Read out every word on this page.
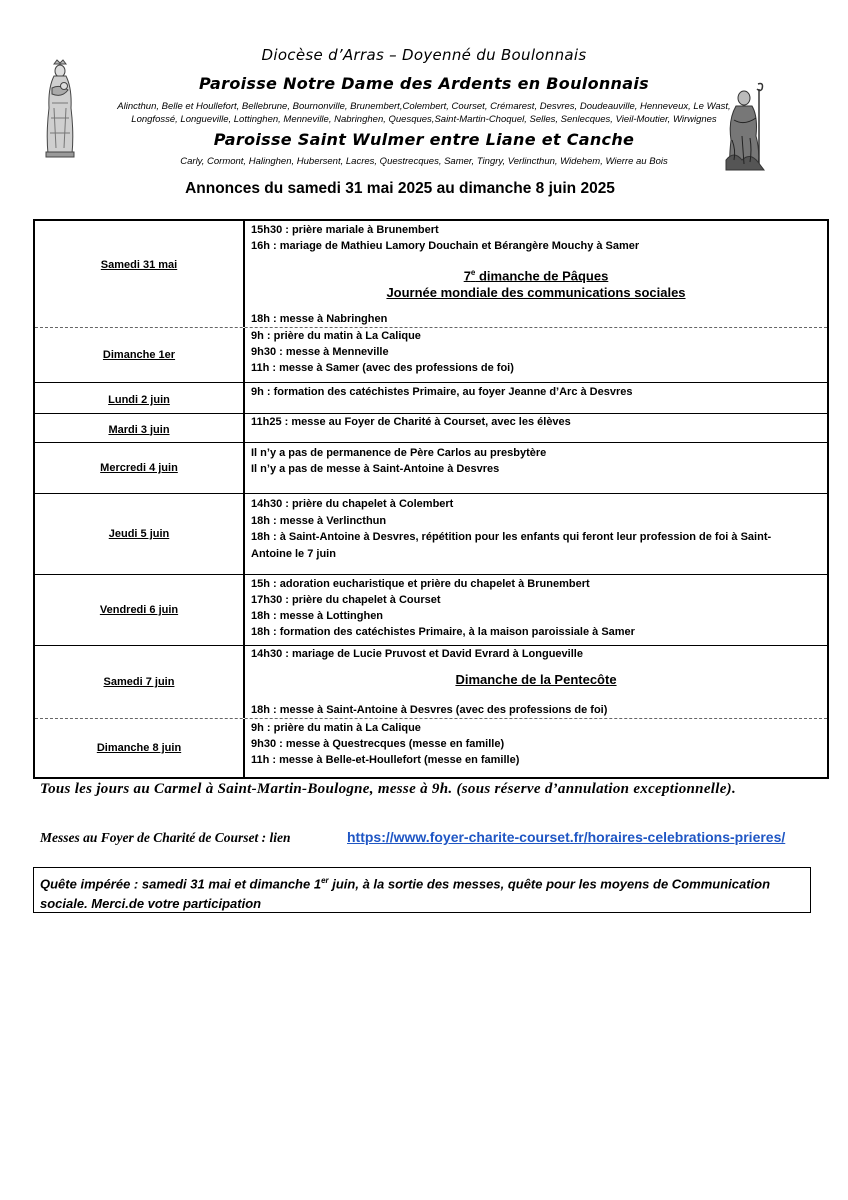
Diocèse d’Arras – Doyenné du Boulonnais
Paroisse Notre Dame des Ardents en Boulonnais
Alincthun, Belle et Houllefort, Bellebrune, Bournonville, Brunembert,Colembert, Courset, Crémarest, Desvres, Doudeauville, Henneveux, Le Wast,
Longfossé, Longueville, Lottinghen, Menneville, Nabringhen, Quesques,Saint-Martin-Choquel, Selles, Senlecques, Vieil-Moutier, Wirwignes
Paroisse Saint Wulmer entre Liane et Canche
Carly, Cormont, Halinghen, Hubersent, Lacres, Questrecques, Samer, Tingry, Verlincthun, Widehem, Wierre au Bois
Annonces du samedi 31 mai 2025 au dimanche 8 juin 2025
Samedi 31 mai
15h30 : prière mariale à Brunembert
16h : mariage de Mathieu Lamory Douchain et Bérangère Mouchy à Samer
7e dimanche de Pâques
Journée mondiale des communications sociales
18h : messe à Nabringhen
Dimanche 1er
9h : prière du matin à La Calique
9h30 : messe à Menneville
11h : messe à Samer (avec des professions de foi)
Lundi 2 juin
9h : formation des catéchistes Primaire, au foyer Jeanne d’Arc à Desvres
Mardi 3 juin
11h25 : messe au Foyer de Charité à Courset, avec les élèves
Mercredi 4 juin
Il n’y a pas de permanence de Père Carlos au presbytère
Il n’y a pas de messe à Saint-Antoine à Desvres
Jeudi 5 juin
14h30 : prière du chapelet à Colembert
18h : messe à Verlincthun
18h : à Saint-Antoine à Desvres, répétition pour les enfants qui feront leur profession de foi à Saint-
Antoine le 7 juin
Vendredi 6 juin
15h : adoration eucharistique et prière du chapelet à Brunembert
17h30 : prière du chapelet à Courset
18h : messe à Lottinghen
18h : formation des catéchistes Primaire, à la maison paroissiale à Samer
Samedi 7 juin
14h30 : mariage de Lucie Pruvost et David Evrard à Longueville
Dimanche de la Pentecôte
18h : messe à Saint-Antoine à Desvres (avec des professions de foi)
Dimanche 8 juin
9h : prière du matin à La Calique
9h30 : messe à Questrecques (messe en famille)
11h : messe à Belle-et-Houllefort (messe en famille)
Tous les jours au Carmel à Saint-Martin-Boulogne, messe à 9h. (sous réserve d’annulation exceptionnelle).
Messes au Foyer de Charité de Courset : lien	https://www.foyer-charite-courset.fr/horaires-celebrations-prieres/
Quête impérée : samedi 31 mai et dimanche 1er juin, à la sortie des messes, quête pour les moyens de Communication sociale. Merci.de votre participation
